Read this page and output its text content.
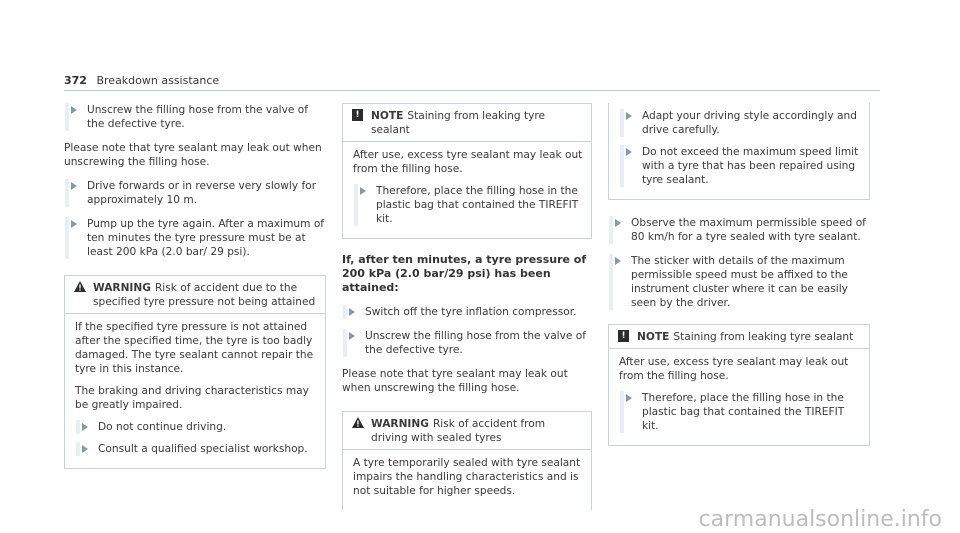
372 Breakdown assistance
Unscrew the filling hose from the valve of the defective tyre.

Please note that tyre sealant may leak out when unscrewing the filling hose.

Drive forwards or in reverse very slowly for approximately 10 m.
Pump up the tyre again. After a maximum of ten minutes the tyre pressure must be at least 200 kPa (2.0 bar/ 29 psi).
WARNING Risk of accident due to the specified tyre pressure not being attained

If the specified tyre pressure is not attained after the specified time, the tyre is too badly damaged. The tyre sealant cannot repair the tyre in this instance.

The braking and driving characteristics may be greatly impaired.

Do not continue driving.
Consult a qualified specialist workshop.
!	NOTE Staining from leaking tyre sealant

After use, excess tyre sealant may leak out from the filling hose.

Therefore, place the filling hose in the plastic bag that contained the TIREFIT kit.
If, after ten minutes, a tyre pressure of 200 kPa (2.0 bar/29 psi) has been attained:
Switch off the tyre inflation compressor.
Unscrew the filling hose from the valve of the defective tyre.

Please note that tyre sealant may leak out when unscrewing the filling hose.

WARNING Risk of accident from driving with sealed tyres

A tyre temporarily sealed with tyre sealant impairs the handling characteristics and is not suitable for higher speeds.

Adapt your driving style accordingly and drive carefully.
Do not exceed the maximum speed limit with a tyre that has been repaired using tyre sealant.
Observe the maximum permissible speed of 80 km/h for a tyre sealed with tyre sealant.
The sticker with details of the maximum permissible speed must be affixed to the instrument cluster where it can be easily seen by the driver.
!	NOTE Staining from leaking tyre sealant

After use, excess tyre sealant may leak out from the filling hose.

Therefore, place the filling hose in the plastic bag that contained the TIREFIT kit.
carmanualsonline.info
